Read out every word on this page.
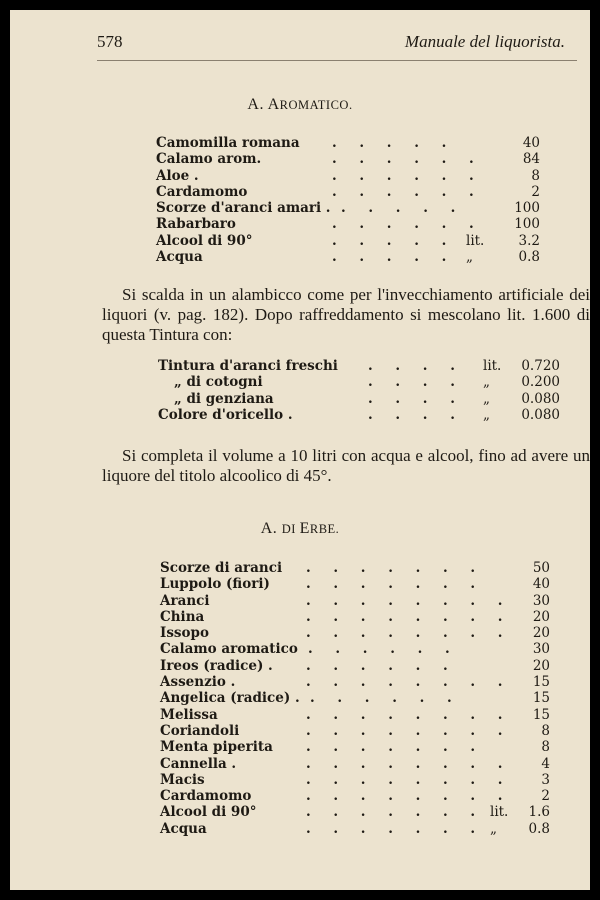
578	Manuale del liquorista.
A. AROMATICO.
Camomilla romana . . . . .	40
Calamo arom.	. . . . . .	84
Aloe .	. . . . . .	8
Cardamomo	. . . . . .	2
Scorze d'aranci amari . . . . . .	100
Rabarbaro	. . . . . .	100
Alcool di 90°	. . . . . lit.	3.2
Acqua	. . . . . „	0.8
Si scalda in un alambicco come per l'invecchiamento artificiale dei liquori (v. pag. 182). Dopo raffreddamento si mescolano lit. 1.600 di questa Tintura con:
Tintura d'aranci freschi . . . . lit.	0.720
„ di cotogni	. . . . „	0.200
„ di genziana	. . . . „	0.080
Colore d'oricello .	. . . . „	0.080
Si completa il volume a 10 litri con acqua e alcool, fino ad avere un liquore del titolo alcoolico di 45°.
A. DI ERBE.
Scorze di aranci . . . . . . .	50
Luppolo (fiori)	. . . . . . .	40
Aranci	. . . . . . . .	30
China	. . . . . . . .	20
Issopo	. . . . . . . .	20
Calamo aromatico . . . . . .	30
Ireos (radice) . . . . . . .	20
Assenzio .	. . . . . . . .	15
Angelica (radice) . . . . . . .	15
Melissa	. . . . . . . .	15
Coriandoli	. . . . . . . .	8
Menta piperita . . . . . . .	8
Cannella .	. . . . . . . .	4
Macis	. . . . . . . .	3
Cardamomo	. . . . . . . .	2
Alcool di 90°	. . . . . . . lit.	1.6
Acqua	. . . . . . . „	0.8
